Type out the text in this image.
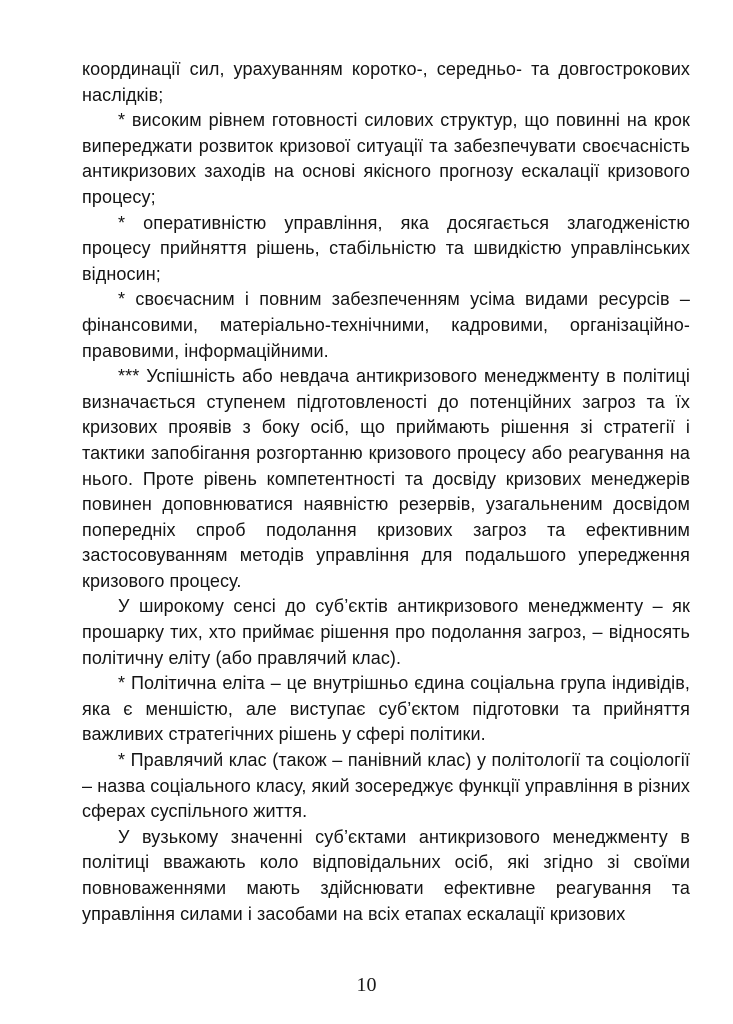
координації сил, урахуванням коротко-, середньо- та довгострокових наслідків;

* високим рівнем готовності силових структур, що повинні на крок випереджати розвиток кризової ситуації та забезпечувати своєчасність антикризових заходів на основі якісного прогнозу ескалації кризового процесу;

* оперативністю управління, яка досягається злагодженістю процесу прийняття рішень, стабільністю та швидкістю управлінських відносин;

* своєчасним і повним забезпеченням усіма видами ресурсів – фінансовими, матеріально-технічними, кадровими, організаційно-правовими, інформаційними.

*** Успішність або невдача антикризового менеджменту в політиці визначається ступенем підготовленості до потенційних загроз та їх кризових проявів з боку осіб, що приймають рішення зі стратегії і тактики запобігання розгортанню кризового процесу або реагування на нього. Проте рівень компетентності та досвіду кризових менеджерів повинен доповнюватися наявністю резервів, узагальненим досвідом попередніх спроб подолання кризових загроз та ефективним застосовуванням методів управління для подальшого упередження кризового процесу.

У широкому сенсі до суб’єктів антикризового менеджменту – як прошарку тих, хто приймає рішення про подолання загроз, – відносять політичну еліту (або правлячий клас).

* Політична еліта – це внутрішньо єдина соціальна група індивідів, яка є меншістю, але виступає суб’єктом підготовки та прийняття важливих стратегічних рішень у сфері політики.

* Правлячий клас (також – панівний клас) у політології та соціології – назва соціального класу, який зосереджує функції управління в різних сферах суспільного життя.

У вузькому значенні суб’єктами антикризового менеджменту в політиці вважають коло відповідальних осіб, які згідно зі своїми повноваженнями мають здійснювати ефективне реагування та управління силами і засобами на всіх етапах ескалації кризових

10
